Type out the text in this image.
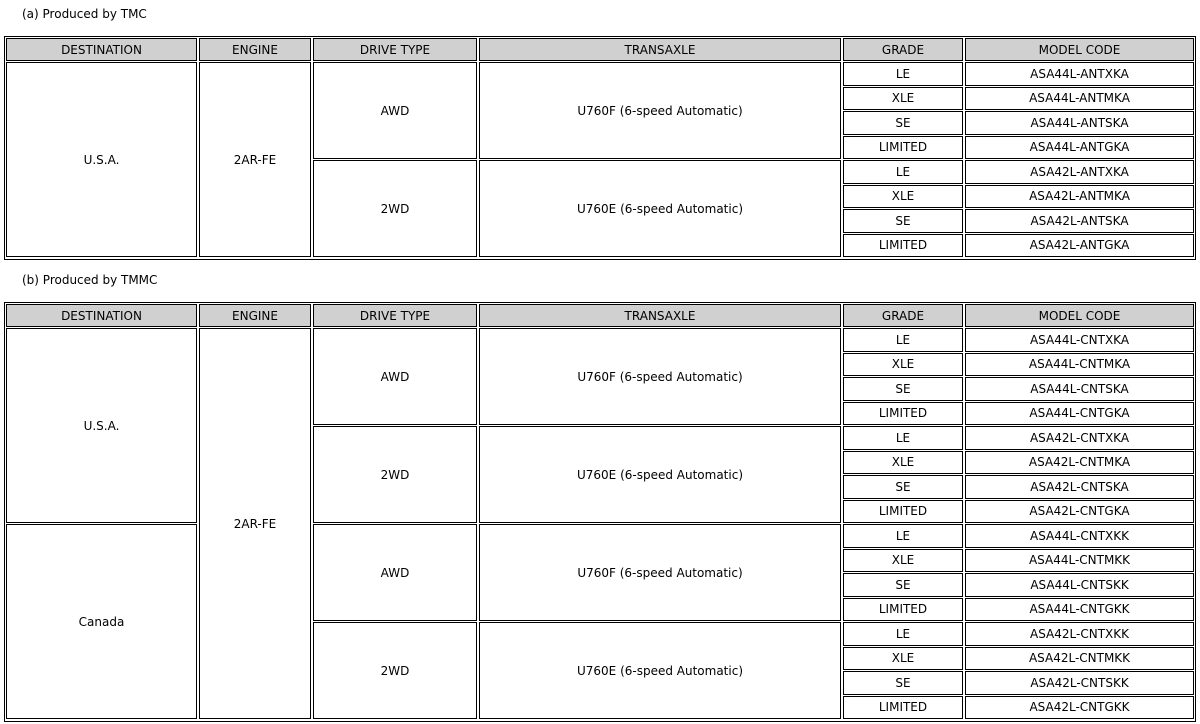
(a) Produced by TMC
DESTINATION	ENGINE	DRIVE TYPE	TRANSAXLE	GRADE	MODEL CODE
2AR-FE
U.S.A.
AWD	U760F (6-speed Automatic)
LE	ASA44L-ANTXKA
XLE	ASA44L-ANTMKA
SE	ASA44L-ANTSKA
LIMITED	ASA44L-ANTGKA
2WD	U760E (6-speed Automatic)
LE	ASA42L-ANTXKA
XLE	ASA42L-ANTMKA
SE	ASA42L-ANTSKA
LIMITED	ASA42L-ANTGKA
(b) Produced by TMMC
DESTINATION	ENGINE	DRIVE TYPE	TRANSAXLE	GRADE	MODEL CODE
2AR-FE
U.S.A.
AWD	U760F (6-speed Automatic)
LE	ASA44L-CNTXKA
XLE	ASA44L-CNTMKA
SE	ASA44L-CNTSKA
LIMITED	ASA44L-CNTGKA
2WD	U760E (6-speed Automatic)
LE	ASA42L-CNTXKA
XLE	ASA42L-CNTMKA
SE	ASA42L-CNTSKA
LIMITED	ASA42L-CNTGKA
Canada
AWD	U760F (6-speed Automatic)
LE	ASA44L-CNTXKK
XLE	ASA44L-CNTMKK
SE	ASA44L-CNTSKK
LIMITED	ASA44L-CNTGKK
2WD	U760E (6-speed Automatic)
LE	ASA42L-CNTXKK
XLE	ASA42L-CNTMKK
SE	ASA42L-CNTSKK
LIMITED	ASA42L-CNTGKK
